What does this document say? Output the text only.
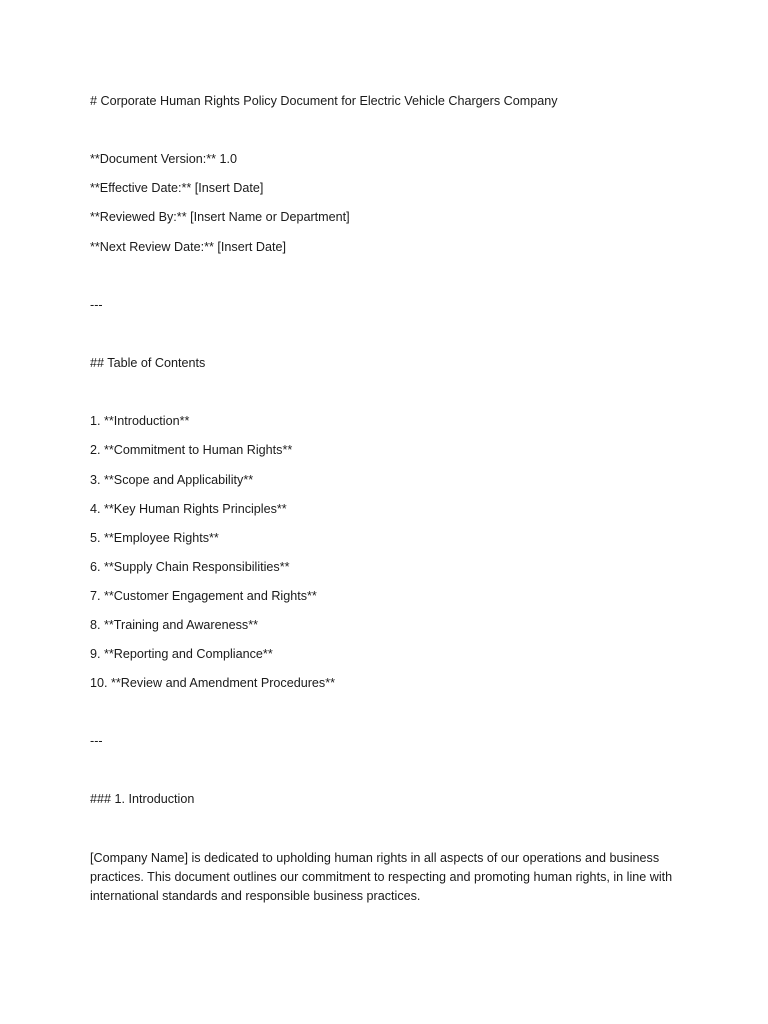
# Corporate Human Rights Policy Document for Electric Vehicle Chargers Company
**Document Version:** 1.0
**Effective Date:** [Insert Date]
**Reviewed By:** [Insert Name or Department]
**Next Review Date:** [Insert Date]
---
## Table of Contents
1. **Introduction**
2. **Commitment to Human Rights**
3. **Scope and Applicability**
4. **Key Human Rights Principles**
5. **Employee Rights**
6. **Supply Chain Responsibilities**
7. **Customer Engagement and Rights**
8. **Training and Awareness**
9. **Reporting and Compliance**
10. **Review and Amendment Procedures**
---
### 1. Introduction
[Company Name] is dedicated to upholding human rights in all aspects of our operations and business practices. This document outlines our commitment to respecting and promoting human rights, in line with international standards and responsible business practices.
